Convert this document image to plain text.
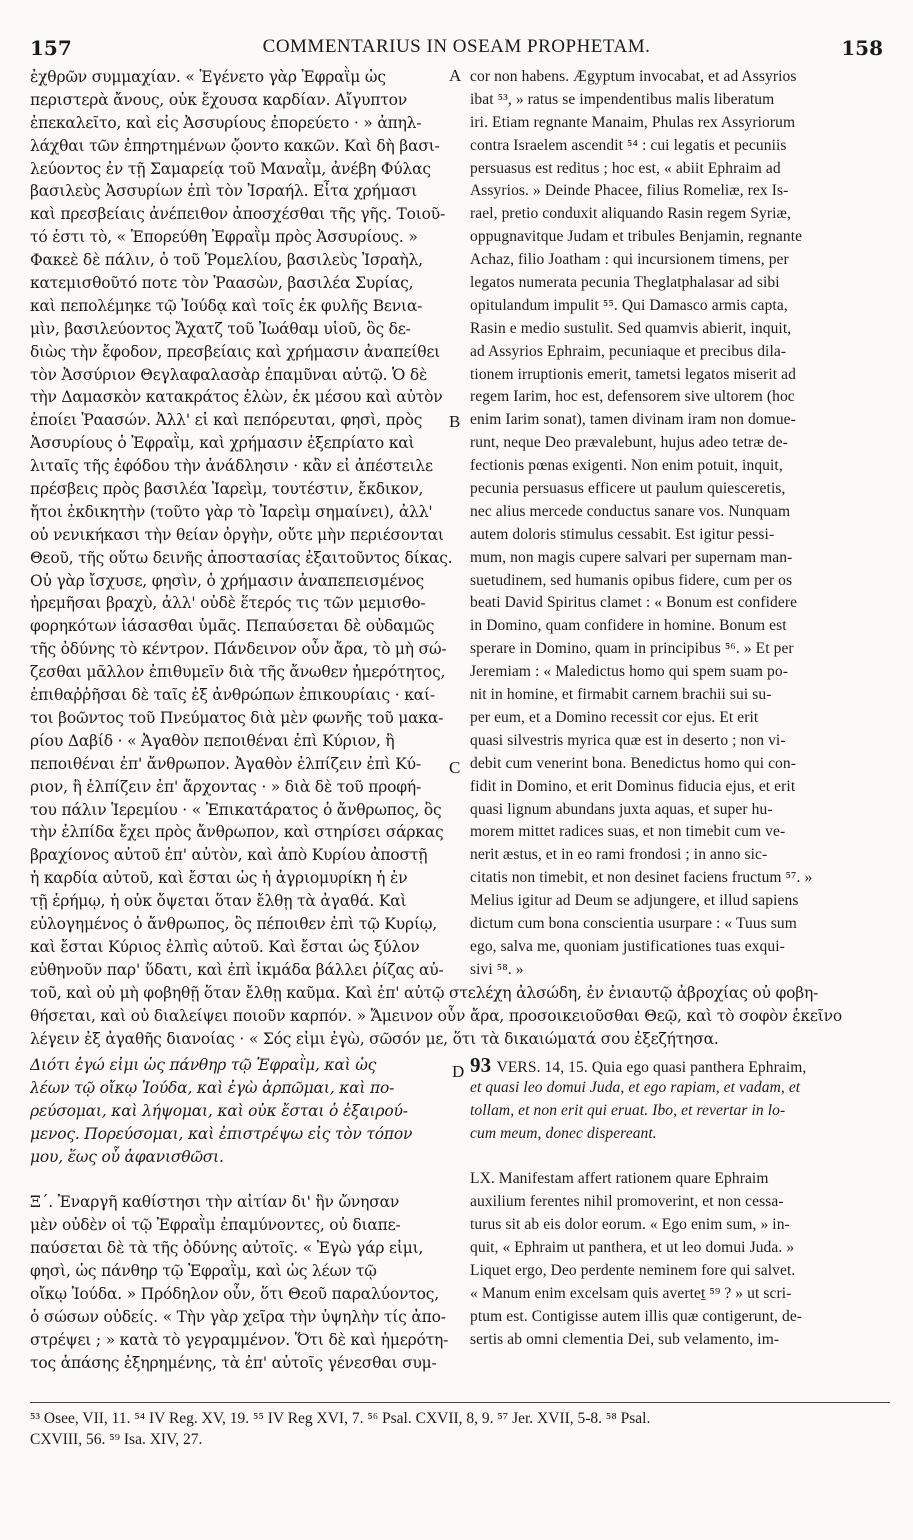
157	COMMENTARIUS IN OSEAM PROPHETAM.	158
ἐχθρῶν συμμαχίαν. « Ἐγένετο γὰρ Ἐφραῒμ ὡς
περιστερὰ ἄνους, οὐκ ἔχουσα καρδίαν. Αἴγυπτον
ἐπεκαλεῖτο, καὶ εἰς Ἀσσυρίους ἐπορεύετο · » ἀπηλ-
λάχθαι τῶν ἐπηρτημένων ᾤοντο κακῶν. Καὶ δὴ βασι-
λεύοντος ἐν τῇ Σαμαρείᾳ τοῦ Μαναῒμ, ἀνέβη Φύλας
βασιλεὺς Ἀσσυρίων ἐπὶ τὸν Ἰσραήλ. Εἶτα χρήμασι
καὶ πρεσβείαις ἀνέπειθον ἀποσχέσθαι τῆς γῆς. Τοιοῦ-
τό ἐστι τὸ, « Ἐπορεύθη Ἐφραῒμ πρὸς Ἀσσυρίους. »
Φακεὲ δὲ πάλιν, ὁ τοῦ Ῥομελίου, βασιλεὺς Ἰσραὴλ,
κατεμισθοῦτό ποτε τὸν Ῥαασὼν, βασιλέα Συρίας,
καὶ πεπολέμηκε τῷ Ἰούδᾳ καὶ τοῖς ἐκ φυλῆς Βενια-
μὶν, βασιλεύοντος Ἄχατζ τοῦ Ἰωάθαμ υἱοῦ, ὃς δε-
διὼς τὴν ἔφοδον, πρεσβείαις καὶ χρήμασιν ἀναπείθει
τὸν Ἀσσύριον Θεγλαφαλασὰρ ἐπαμῦναι αὐτῷ. Ὁ δὲ
τὴν Δαμασκὸν κατακράτος ἑλὼν, ἐκ μέσου καὶ αὐτὸν
ἐποίει Ῥαασών. Ἀλλ' εἰ καὶ πεπόρευται, φησὶ, πρὸς
Ἀσσυρίους ὁ Ἐφραῒμ, καὶ χρήμασιν ἐξεπρίατο καὶ
λιταῖς τῆς ἐφόδου τὴν ἀνάδλησιν · κἂν εἰ ἀπέστειλε
πρέσβεις πρὸς βασιλέα Ἰαρεὶμ, τουτέστιν, ἔκδικον,
ἤτοι ἐκδικητὴν (τοῦτο γὰρ τὸ Ἰαρεὶμ σημαίνει), ἀλλ'
οὐ νενικήκασι τὴν θείαν ὀργὴν, οὔτε μὴν περιέσονται
Θεοῦ, τῆς οὕτω δεινῆς ἀποστασίας ἐξαιτοῦντος δίκας.
Οὐ γὰρ ἴσχυσε, φησὶν, ὁ χρήμασιν ἀναπεπεισμένος
ἠρεμῆσαι βραχὺ, ἀλλ' οὐδὲ ἕτερός τις τῶν μεμισθο-
φορηκότων ἰάσασθαι ὑμᾶς. Πεπαύσεται δὲ οὐδαμῶς
τῆς ὀδύνης τὸ κέντρον. Πάνδεινον οὖν ἄρα, τὸ μὴ σώ-
ζεσθαι μᾶλλον ἐπιθυμεῖν διὰ τῆς ἄνωθεν ἡμερότητος,
ἐπιθαῤῥῆσαι δὲ ταῖς ἐξ ἀνθρώπων ἐπικουρίαις · καί-
τοι βοῶντος τοῦ Πνεύματος διὰ μὲν φωνῆς τοῦ μακα-
ρίου Δαβίδ · « Ἀγαθὸν πεποιθέναι ἐπὶ Κύριον, ἢ
πεποιθέναι ἐπ' ἄνθρωπον. Ἀγαθὸν ἐλπίζειν ἐπὶ Κύ-
ριον, ἢ ἐλπίζειν ἐπ' ἄρχοντας · » διὰ δὲ τοῦ προφή-
του πάλιν Ἱερεμίου · « Ἐπικατάρατος ὁ ἄνθρωπος, ὃς
τὴν ἐλπίδα ἔχει πρὸς ἄνθρωπον, καὶ στηρίσει σάρκας
βραχίονος αὐτοῦ ἐπ' αὐτὸν, καὶ ἀπὸ Κυρίου ἀποστῇ
ἡ καρδία αὐτοῦ, καὶ ἔσται ὡς ἡ ἀγριομυρίκη ἡ ἐν
τῇ ἐρήμῳ, ἡ οὐκ ὄψεται ὅταν ἔλθῃ τὰ ἀγαθά. Καὶ
εὐλογημένος ὁ ἄνθρωπος, ὃς πέποιθεν ἐπὶ τῷ Κυρίῳ,
καὶ ἔσται Κύριος ἐλπὶς αὐτοῦ. Καὶ ἔσται ὡς ξύλον
εὐθηνοῦν παρ' ὕδατι, καὶ ἐπὶ ἰκμάδα βάλλει ῥίζας αὐ-
cor non habens. Ægyptum invocabat, et ad Assyrios
ibat ⁵³, » ratus se impendentibus malis liberatum
iri. Etiam regnante Manaim, Phulas rex Assyriorum
contra Israelem ascendit ⁵⁴ : cui legatis et pecuniis
persuasus est reditus ; hoc est, « abiit Ephraim ad
Assyrios. » Deinde Phacee, filius Romeliæ, rex Is-
rael, pretio conduxit aliquando Rasin regem Syriæ,
oppugnavitque Judam et tribules Benjamin, regnante
Achaz, filio Joatham : qui incursionem timens, per
legatos numerata pecunia Theglatphalasar ad sibi
opitulandum impulit ⁵⁵. Qui Damasco armis capta,
Rasin e medio sustulit. Sed quamvis abierit, inquit,
ad Assyrios Ephraim, pecuniaque et precibus dila-
tionem irruptionis emerit, tametsi legatos miserit ad
regem Iarim, hoc est, defensorem sive ultorem (hoc
enim Iarim sonat), tamen divinam iram non domue-
runt, neque Deo prævalebunt, hujus adeo tetræ de-
fectionis pœnas exigenti. Non enim potuit, inquit,
pecunia persuasus efficere ut paulum quiesceretis,
nec alius mercede conductus sanare vos. Nunquam
autem doloris stimulus cessabit. Est igitur pessi-
mum, non magis cupere salvari per supernam man-
suetudinem, sed humanis opibus fidere, cum per os
beati David Spiritus clamet : « Bonum est confidere
in Domino, quam confidere in homine. Bonum est
sperare in Domino, quam in principibus ⁵⁶. » Et per
Jeremiam : « Maledictus homo qui spem suam po-
nit in homine, et firmabit carnem brachii sui su-
per eum, et a Domino recessit cor ejus. Et erit
quasi silvestris myrica quæ est in deserto ; non vi-
debit cum venerint bona. Benedictus homo qui con-
fidit in Domino, et erit Dominus fiducia ejus, et erit
quasi lignum abundans juxta aquas, et super hu-
morem mittet radices suas, et non timebit cum ve-
nerit æstus, et in eo rami frondosi ; in anno sic-
citatis non timebit, et non desinet faciens fructum ⁵⁷. »
Melius igitur ad Deum se adjungere, et illud sapiens
dictum cum bona conscientia usurpare : « Tuus sum
ego, salva me, quoniam justificationes tuas exqui-
sivi ⁵⁸. »
A
B
C
D
τοῦ, καὶ οὐ μὴ φοβηθῇ ὅταν ἔλθῃ καῦμα. Καὶ ἐπ' αὐτῷ στελέχη ἀλσώδη, ἐν ἐνιαυτῷ ἀβροχίας οὐ φοβη-
θήσεται, καὶ οὐ διαλείψει ποιοῦν καρπόν. » Ἄμεινον οὖν ἄρα, προσοικειοῦσθαι Θεῷ, καὶ τὸ σοφὸν ἐκεῖνο
λέγειν ἐξ ἀγαθῆς διανοίας · « Σός εἰμι ἐγὼ, σῶσόν με, ὅτι τὰ δικαιώματά σου ἐξεζήτησα.
Διότι ἐγώ εἰμι ὡς πάνθηρ τῷ Ἐφραῒμ, καὶ ὡς
λέων τῷ οἴκῳ Ἰούδα, καὶ ἐγὼ ἁρπῶμαι, καὶ πο-
ρεύσομαι, καὶ λήψομαι, καὶ οὐκ ἔσται ὁ ἐξαιρού-
μενος. Πορεύσομαι, καὶ ἐπιστρέψω εἰς τὸν τόπον
μου, ἕως οὗ ἀφανισθῶσι.
Ξ΄. Ἐναργῆ καθίστησι τὴν αἰτίαν δι' ἣν ὤνησαν
μὲν οὐδὲν οἱ τῷ Ἐφραῒμ ἐπαμύνοντες, οὐ διαπε-
παύσεται δὲ τὰ τῆς ὀδύνης αὐτοῖς. « Ἐγὼ γάρ εἰμι,
φησὶ, ὡς πάνθηρ τῷ Ἐφραῒμ, καὶ ὡς λέων τῷ
οἴκῳ Ἰούδα. » Πρόδηλον οὖν, ὅτι Θεοῦ παραλύοντος,
ὁ σώσων οὐδείς. « Τὴν γὰρ χεῖρα τὴν ὑψηλὴν τίς ἀπο-
στρέψει ; » κατὰ τὸ γεγραμμένον. Ὅτι δὲ καὶ ἡμερότη-
τος ἁπάσης ἐξηρημένης, τὰ ἐπ' αὐτοῖς γένεσθαι συμ-
93 VERS. 14, 15. Quia ego quasi panthera Ephraim,
et quasi leo domui Juda, et ego rapiam, et vadam, et
tollam, et non erit qui eruat. Ibo, et revertar in lo-
cum meum, donec dispereant.
LX. Manifestam affert rationem quare Ephraim
auxilium ferentes nihil promoverint, et non cessa-
turus sit ab eis dolor eorum. « Ego enim sum, » in-
quit, « Ephraim ut panthera, et ut leo domui Juda. »
Liquet ergo, Deo perdente neminem fore qui salvet.
« Manum enim excelsam quis averteṯ ⁵⁹ ? » ut scri-
ptum est. Contigisse autem illis quæ contigerunt, de-
sertis ab omni clementia Dei, sub velamento, im-
⁵³ Osee, VII, 11. ⁵⁴ IV Reg. XV, 19. ⁵⁵ IV Reg XVI, 7. ⁵⁶ Psal. CXVII, 8, 9. ⁵⁷ Jer. XVII, 5-8. ⁵⁸ Psal.
CXVIII, 56. ⁵⁹ Isa. XIV, 27.
